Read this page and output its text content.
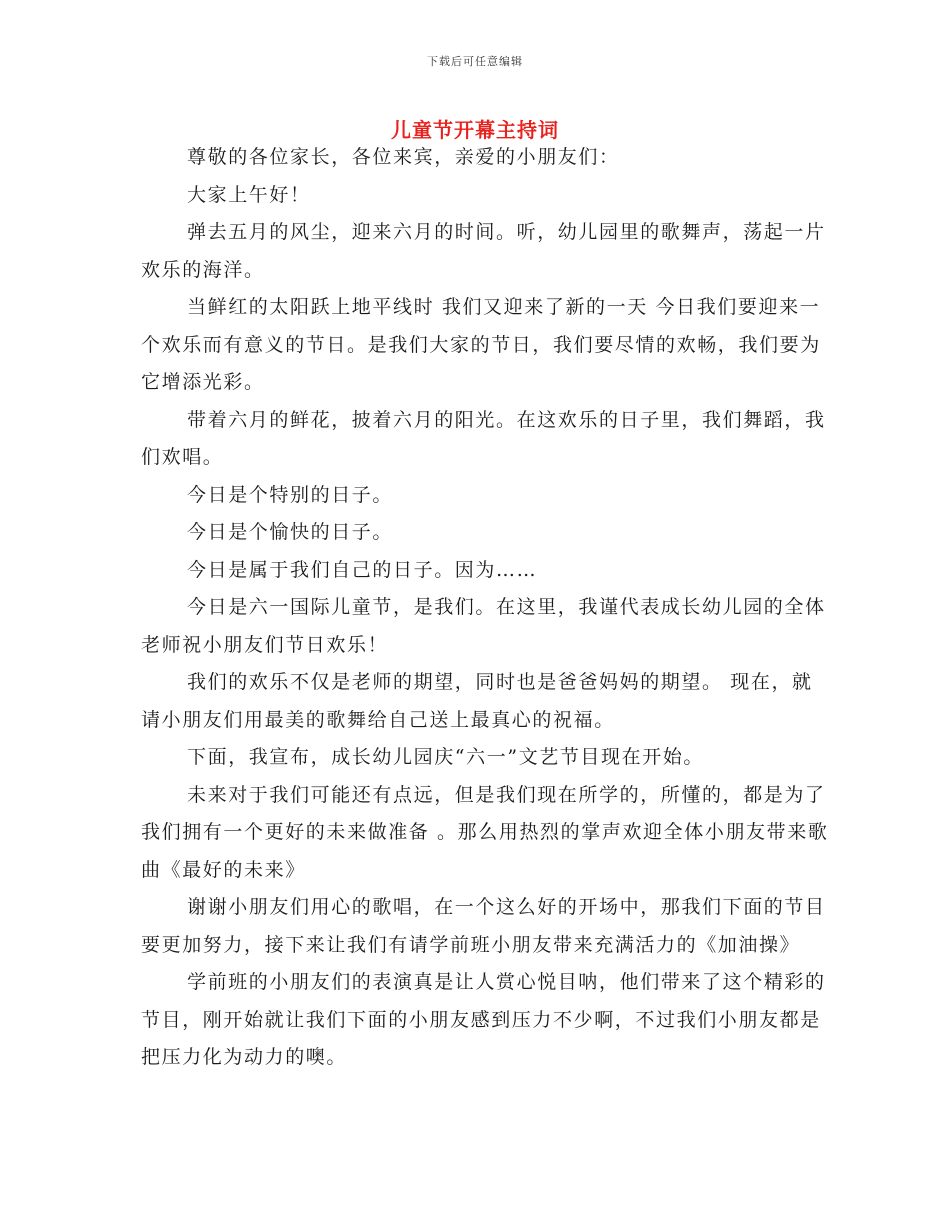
下载后可任意编辑
儿童节开幕主持词

尊敬的各位家长，各位来宾，亲爱的小朋友们：

大家上午好！

弹去五月的风尘，迎来六月的时间。听，幼儿园里的歌舞声，荡起一片欢乐的海洋。

当鲜红的太阳跃上地平线时 我们又迎来了新的一天 今日我们要迎来一个欢乐而有意义的节日。是我们大家的节日，我们要尽情的欢畅，我们要为它增添光彩。

带着六月的鲜花，披着六月的阳光。在这欢乐的日子里，我们舞蹈，我们欢唱。

今日是个特别的日子。

今日是个愉快的日子。

今日是属于我们自己的日子。因为……

今日是六一国际儿童节，是我们。在这里，我谨代表成长幼儿园的全体老师祝小朋友们节日欢乐！

我们的欢乐不仅是老师的期望，同时也是爸爸妈妈的期望。 现在，就请小朋友们用最美的歌舞给自己送上最真心的祝福。

下面，我宣布，成长幼儿园庆“六一”文艺节目现在开始。

未来对于我们可能还有点远，但是我们现在所学的，所懂的，都是为了我们拥有一个更好的未来做准备 。那么用热烈的掌声欢迎全体小朋友带来歌曲《最好的未来》

谢谢小朋友们用心的歌唱，在一个这么好的开场中，那我们下面的节目要更加努力，接下来让我们有请学前班小朋友带来充满活力的《加油操》

学前班的小朋友们的表演真是让人赏心悦目呐，他们带来了这个精彩的节目，刚开始就让我们下面的小朋友感到压力不少啊，不过我们小朋友都是把压力化为动力的噢。
